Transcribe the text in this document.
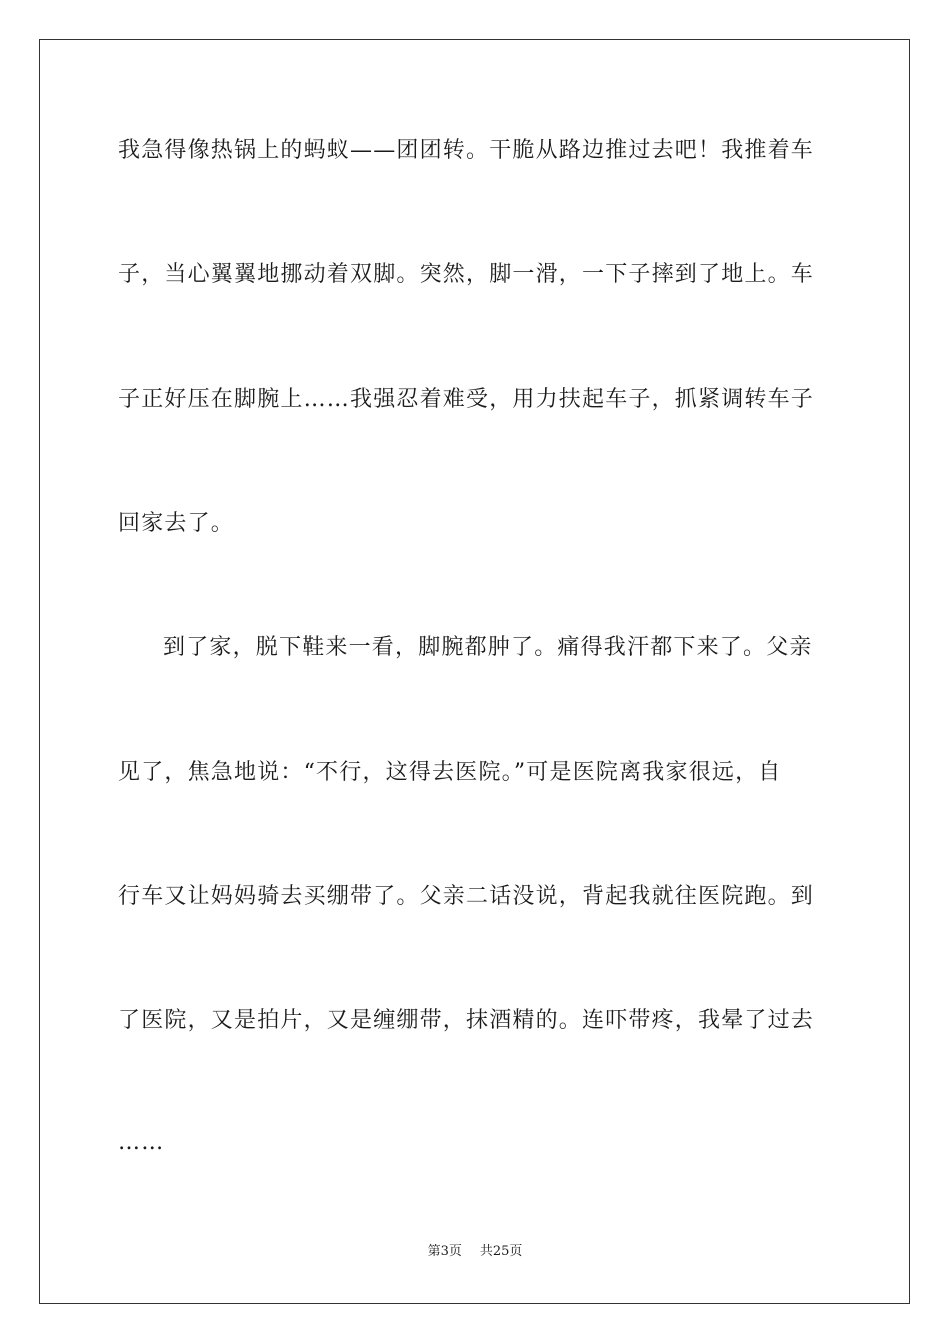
我急得像热锅上的蚂蚁——团团转。干脆从路边推过去吧！我推着车
子，当心翼翼地挪动着双脚。突然，脚一滑，一下子摔到了地上。车
子正好压在脚腕上……我强忍着难受，用力扶起车子，抓紧调转车子
回家去了。
到了家，脱下鞋来一看，脚腕都肿了。痛得我汗都下来了。父亲
见了，焦急地说：“不行，这得去医院。”可是医院离我家很远，自
行车又让妈妈骑去买绷带了。父亲二话没说，背起我就往医院跑。到
了医院，又是拍片，又是缠绷带，抹酒精的。连吓带疼，我晕了过去
……
第3页 共25页
